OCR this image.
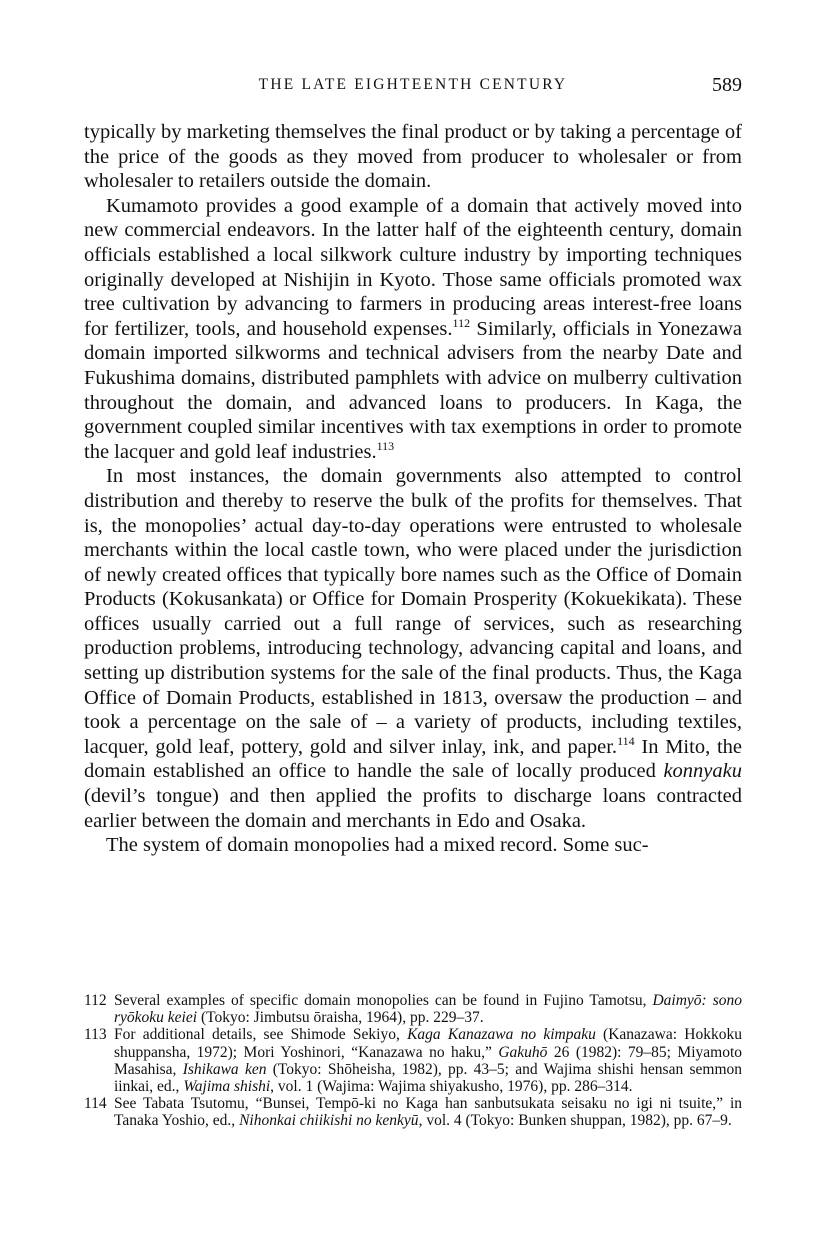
THE LATE EIGHTEENTH CENTURY	589

typically by marketing themselves the final product or by taking a percentage of the price of the goods as they moved from producer to wholesaler or from wholesaler to retailers outside the domain.

Kumamoto provides a good example of a domain that actively moved into new commercial endeavors. In the latter half of the eighteenth century, domain officials established a local silkwork culture industry by importing techniques originally developed at Nishijin in Kyoto. Those same officials promoted wax tree cultivation by advancing to farmers in producing areas interest-free loans for fertilizer, tools, and household expenses.$^{112}$ Similarly, officials in Yonezawa domain imported silkworms and technical advisers from the nearby Date and Fukushima domains, distributed pamphlets with advice on mulberry cultivation throughout the domain, and advanced loans to producers. In Kaga, the government coupled similar incentives with tax exemptions in order to promote the lacquer and gold leaf industries.$^{113}$

In most instances, the domain governments also attempted to control distribution and thereby to reserve the bulk of the profits for themselves. That is, the monopolies’ actual day-to-day operations were entrusted to wholesale merchants within the local castle town, who were placed under the jurisdiction of newly created offices that typically bore names such as the Office of Domain Products (Kokusankata) or Office for Domain Prosperity (Kokuekikata). These offices usually carried out a full range of services, such as researching production problems, introducing technology, advancing capital and loans, and setting up distribution systems for the sale of the final products. Thus, the Kaga Office of Domain Products, established in 1813, oversaw the production – and took a percentage on the sale of – a variety of products, including textiles, lacquer, gold leaf, pottery, gold and silver inlay, ink, and paper.$^{114}$ In Mito, the domain established an office to handle the sale of locally produced konnyaku (devil’s tongue) and then applied the profits to discharge loans contracted earlier between the domain and merchants in Edo and Osaka.

The system of domain monopolies had a mixed record. Some suc-

112 Several examples of specific domain monopolies can be found in Fujino Tamotsu, Daimyō: sono ryōkoku keiei (Tokyo: Jimbutsu ōraisha, 1964), pp. 229–37.

113 For additional details, see Shimode Sekiyo, Kaga Kanazawa no kimpaku (Kanazawa: Hokkoku shuppansha, 1972); Mori Yoshinori, “Kanazawa no haku,” Gakuhō 26 (1982): 79–85; Miyamoto Masahisa, Ishikawa ken (Tokyo: Shōheisha, 1982), pp. 43–5; and Wajima shishi hensan semmon iinkai, ed., Wajima shishi, vol. 1 (Wajima: Wajima shiyakusho, 1976), pp. 286–314.

114 See Tabata Tsutomu, “Bunsei, Tempō-ki no Kaga han sanbutsukata seisaku no igi ni tsuite,” in Tanaka Yoshio, ed., Nihonkai chiikishi no kenkyū, vol. 4 (Tokyo: Bunken shuppan, 1982), pp. 67–9.
